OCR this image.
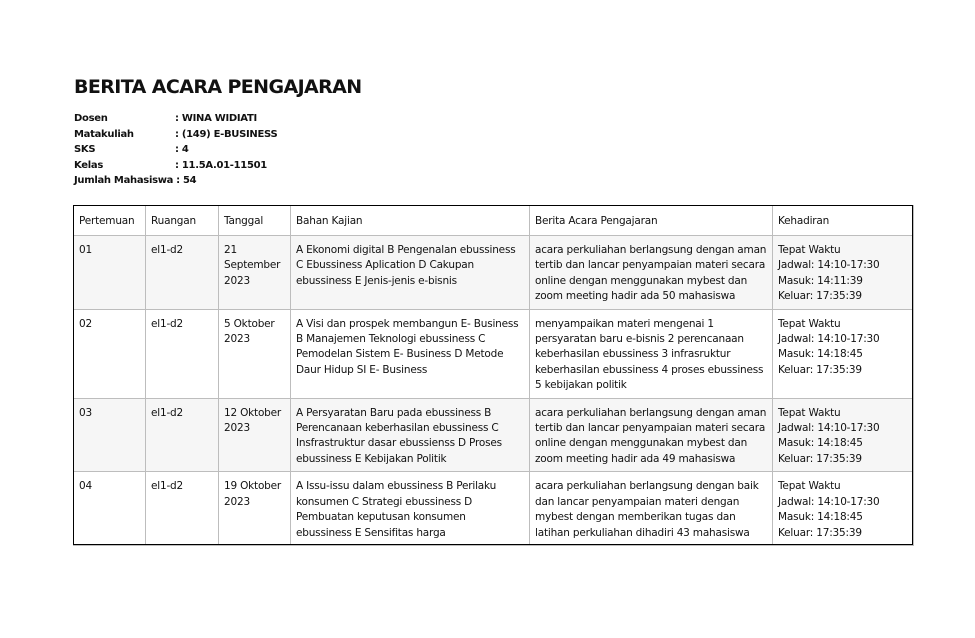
BERITA ACARA PENGAJARAN
Dosen	: WINA WIDIATI
Matakuliah	: (149) E-BUSINESS
SKS	: 4
Kelas	: 11.5A.01-11501
Jumlah Mahasiswa : 54
Pertemuan	Ruangan	Tanggal	Bahan Kajian	Berita Acara Pengajaran	Kehadiran
01	el1-d2	21 September 2023	A Ekonomi digital B Pengenalan ebussiness C Ebussiness Aplication D Cakupan ebussiness E Jenis-jenis e-bisnis	acara perkuliahan berlangsung dengan aman tertib dan lancar penyampaian materi secara online dengan menggunakan mybest dan zoom meeting hadir ada 50 mahasiswa	Tepat Waktu
Jadwal: 14:10-17:30
Masuk: 14:11:39
Keluar: 17:35:39

02	el1-d2	5 Oktober 2023	A Visi dan prospek membangun E- Business B Manajemen Teknologi ebussiness C Pemodelan Sistem E- Business D Metode Daur Hidup SI E- Business	menyampaikan materi mengenai 1 persyaratan baru e-bisnis 2 perencanaan keberhasilan ebussiness 3 infrasruktur keberhasilan ebussiness 4 proses ebussiness 5 kebijakan politik	Tepat Waktu
Jadwal: 14:10-17:30
Masuk: 14:18:45
Keluar: 17:35:39

03	el1-d2	12 Oktober 2023	A Persyaratan Baru pada ebussiness B Perencanaan keberhasilan ebussiness C Insfrastruktur dasar ebussienss D Proses ebussiness E Kebijakan Politik	acara perkuliahan berlangsung dengan aman tertib dan lancar penyampaian materi secara online dengan menggunakan mybest dan zoom meeting hadir ada 49 mahasiswa	Tepat Waktu
Jadwal: 14:10-17:30
Masuk: 14:18:45
Keluar: 17:35:39

04	el1-d2	19 Oktober 2023	A Issu-issu dalam ebussiness B Perilaku konsumen C Strategi ebussiness D Pembuatan keputusan konsumen ebussiness E Sensifitas harga	acara perkuliahan berlangsung dengan baik dan lancar penyampaian materi dengan mybest dengan memberikan tugas dan latihan perkuliahan dihadiri 43 mahasiswa	Tepat Waktu
Jadwal: 14:10-17:30
Masuk: 14:18:45
Keluar: 17:35:39
